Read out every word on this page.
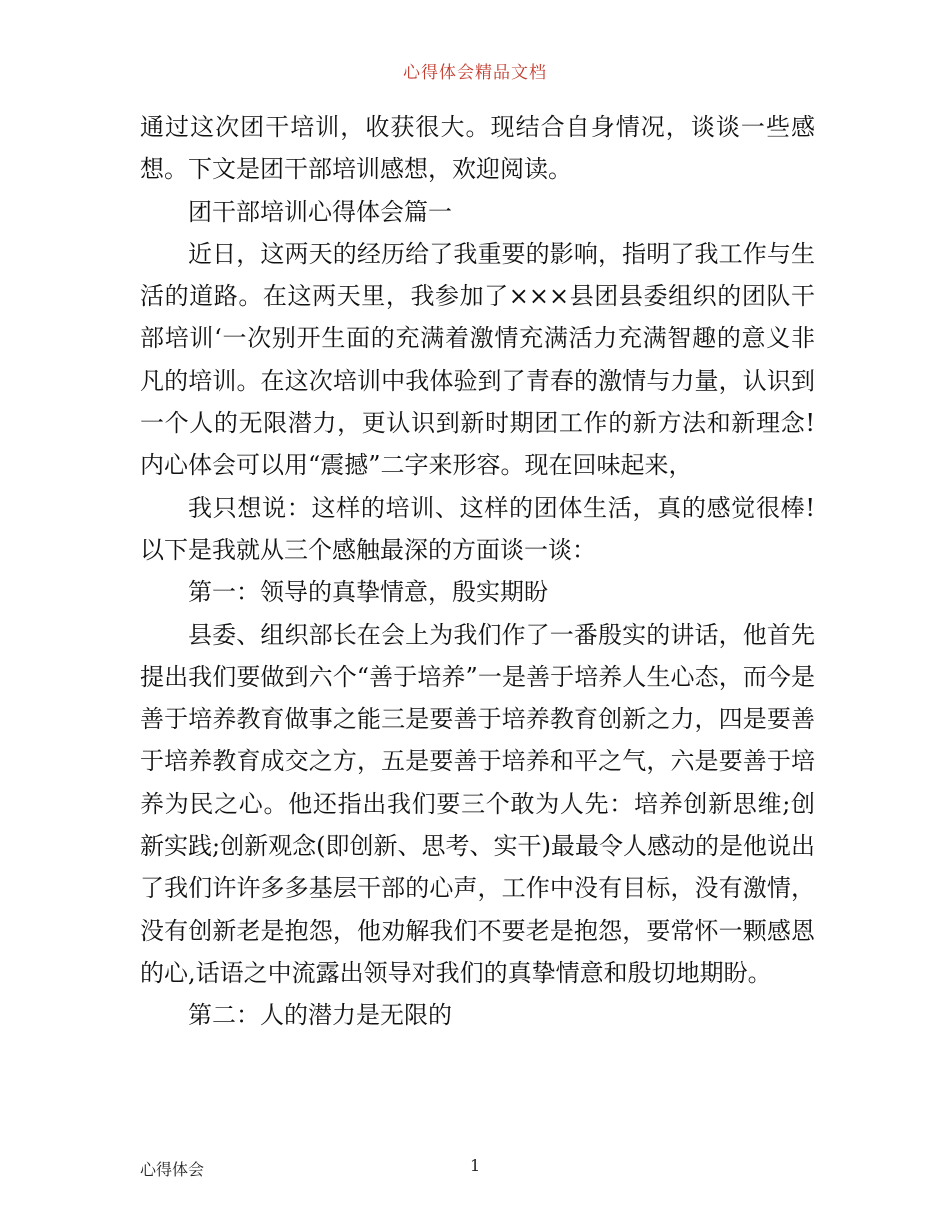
心得体会精品文档

通过这次团干培训，收获很大。现结合自身情况，谈谈一些感想。下文是团干部培训感想，欢迎阅读。

团干部培训心得体会篇一

近日，这两天的经历给了我重要的影响，指明了我工作与生活的道路。在这两天里，我参加了×××县团县委组织的团队干部培训‘一次别开生面的充满着激情充满活力充满智趣的意义非凡的培训。在这次培训中我体验到了青春的激情与力量，认识到一个人的无限潜力，更认识到新时期团工作的新方法和新理念!内心体会可以用“震撼”二字来形容。现在回味起来，

我只想说：这样的培训、这样的团体生活，真的感觉很棒!以下是我就从三个感触最深的方面谈一谈：

第一：领导的真挚情意，殷实期盼

县委、组织部长在会上为我们作了一番殷实的讲话，他首先提出我们要做到六个“善于培养”一是善于培养人生心态，而今是善于培养教育做事之能三是要善于培养教育创新之力，四是要善于培养教育成交之方，五是要善于培养和平之气，六是要善于培养为民之心。他还指出我们要三个敢为人先：培养创新思维;创新实践;创新观念(即创新、思考、实干)最最令人感动的是他说出了我们许许多多基层干部的心声，工作中没有目标，没有激情，没有创新老是抱怨，他劝解我们不要老是抱怨，要常怀一颗感恩的心,话语之中流露出领导对我们的真挚情意和殷切地期盼。

第二：人的潜力是无限的

心得体会	1
